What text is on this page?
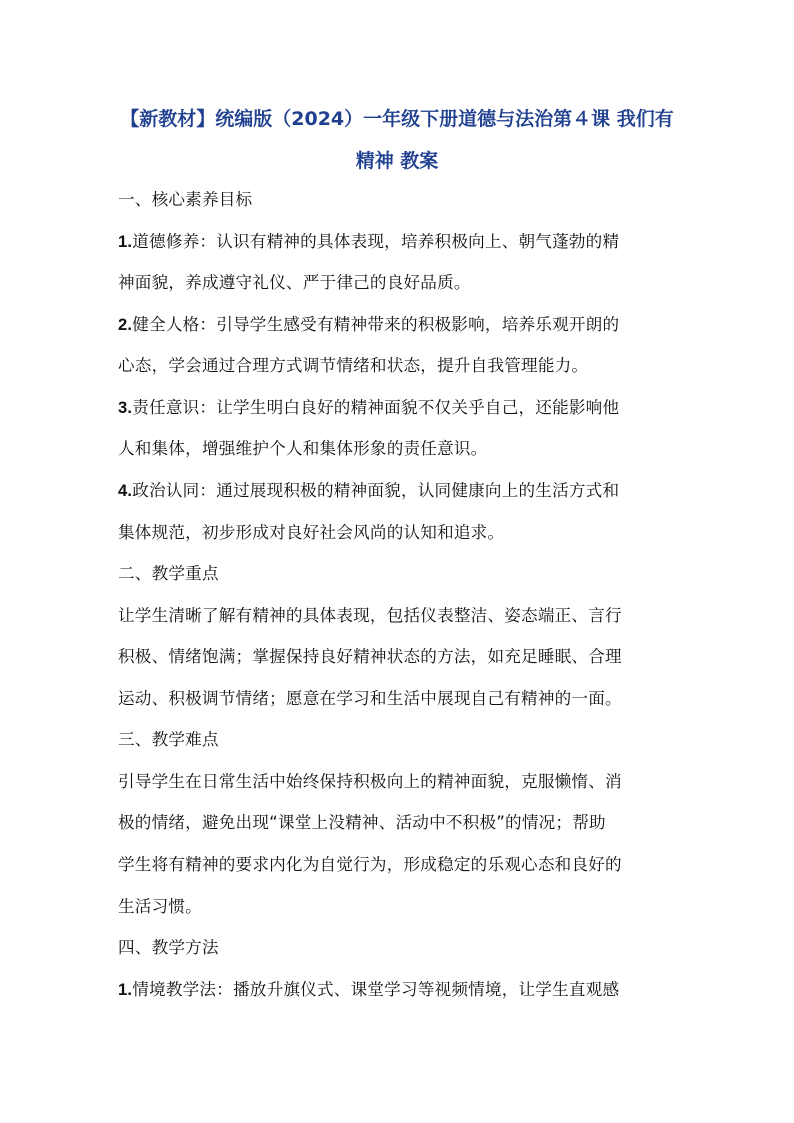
【新教材】统编版（2024）一年级下册道德与法治第４课 我们有
精神 教案
一、核心素养目标
1.道德修养：认识有精神的具体表现，培养积极向上、朝气蓬勃的精
神面貌，养成遵守礼仪、严于律己的良好品质。
2.健全人格：引导学生感受有精神带来的积极影响，培养乐观开朗的
心态，学会通过合理方式调节情绪和状态，提升自我管理能力。
3.责任意识：让学生明白良好的精神面貌不仅关乎自己，还能影响他
人和集体，增强维护个人和集体形象的责任意识。
4.政治认同：通过展现积极的精神面貌，认同健康向上的生活方式和
集体规范，初步形成对良好社会风尚的认知和追求。
二、教学重点
让学生清晰了解有精神的具体表现，包括仪表整洁、姿态端正、言行
积极、情绪饱满；掌握保持良好精神状态的方法，如充足睡眠、合理
运动、积极调节情绪；愿意在学习和生活中展现自己有精神的一面。
三、教学难点
引导学生在日常生活中始终保持积极向上的精神面貌，克服懒惰、消
极的情绪，避免出现“课堂上没精神、活动中不积极”的情况；帮助
学生将有精神的要求内化为自觉行为，形成稳定的乐观心态和良好的
生活习惯。
四、教学方法
1.情境教学法：播放升旗仪式、课堂学习等视频情境，让学生直观感
